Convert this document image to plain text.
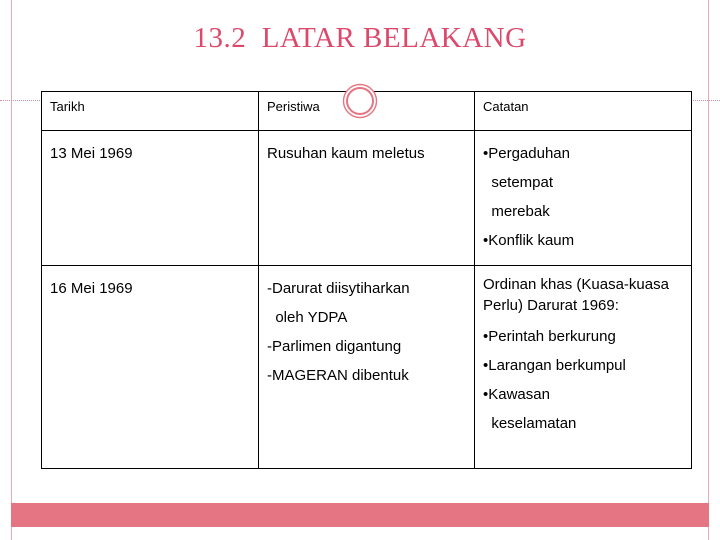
13.2  LATAR BELAKANG
Tarikh	Peristiwa	Catatan
13 Mei 1969	Rusuhan kaum meletus	•Pergaduhan
setempat
merebak
•Konflik kaum

16 Mei 1969	-Darurat diisytiharkan
oleh YDPA
-Parlimen digantung
-MAGERAN dibentuk	Ordinan khas (Kuasa-kuasa Perlu) Darurat 1969:
•Perintah berkurung
•Larangan berkumpul
•Kawasan
keselamatan
